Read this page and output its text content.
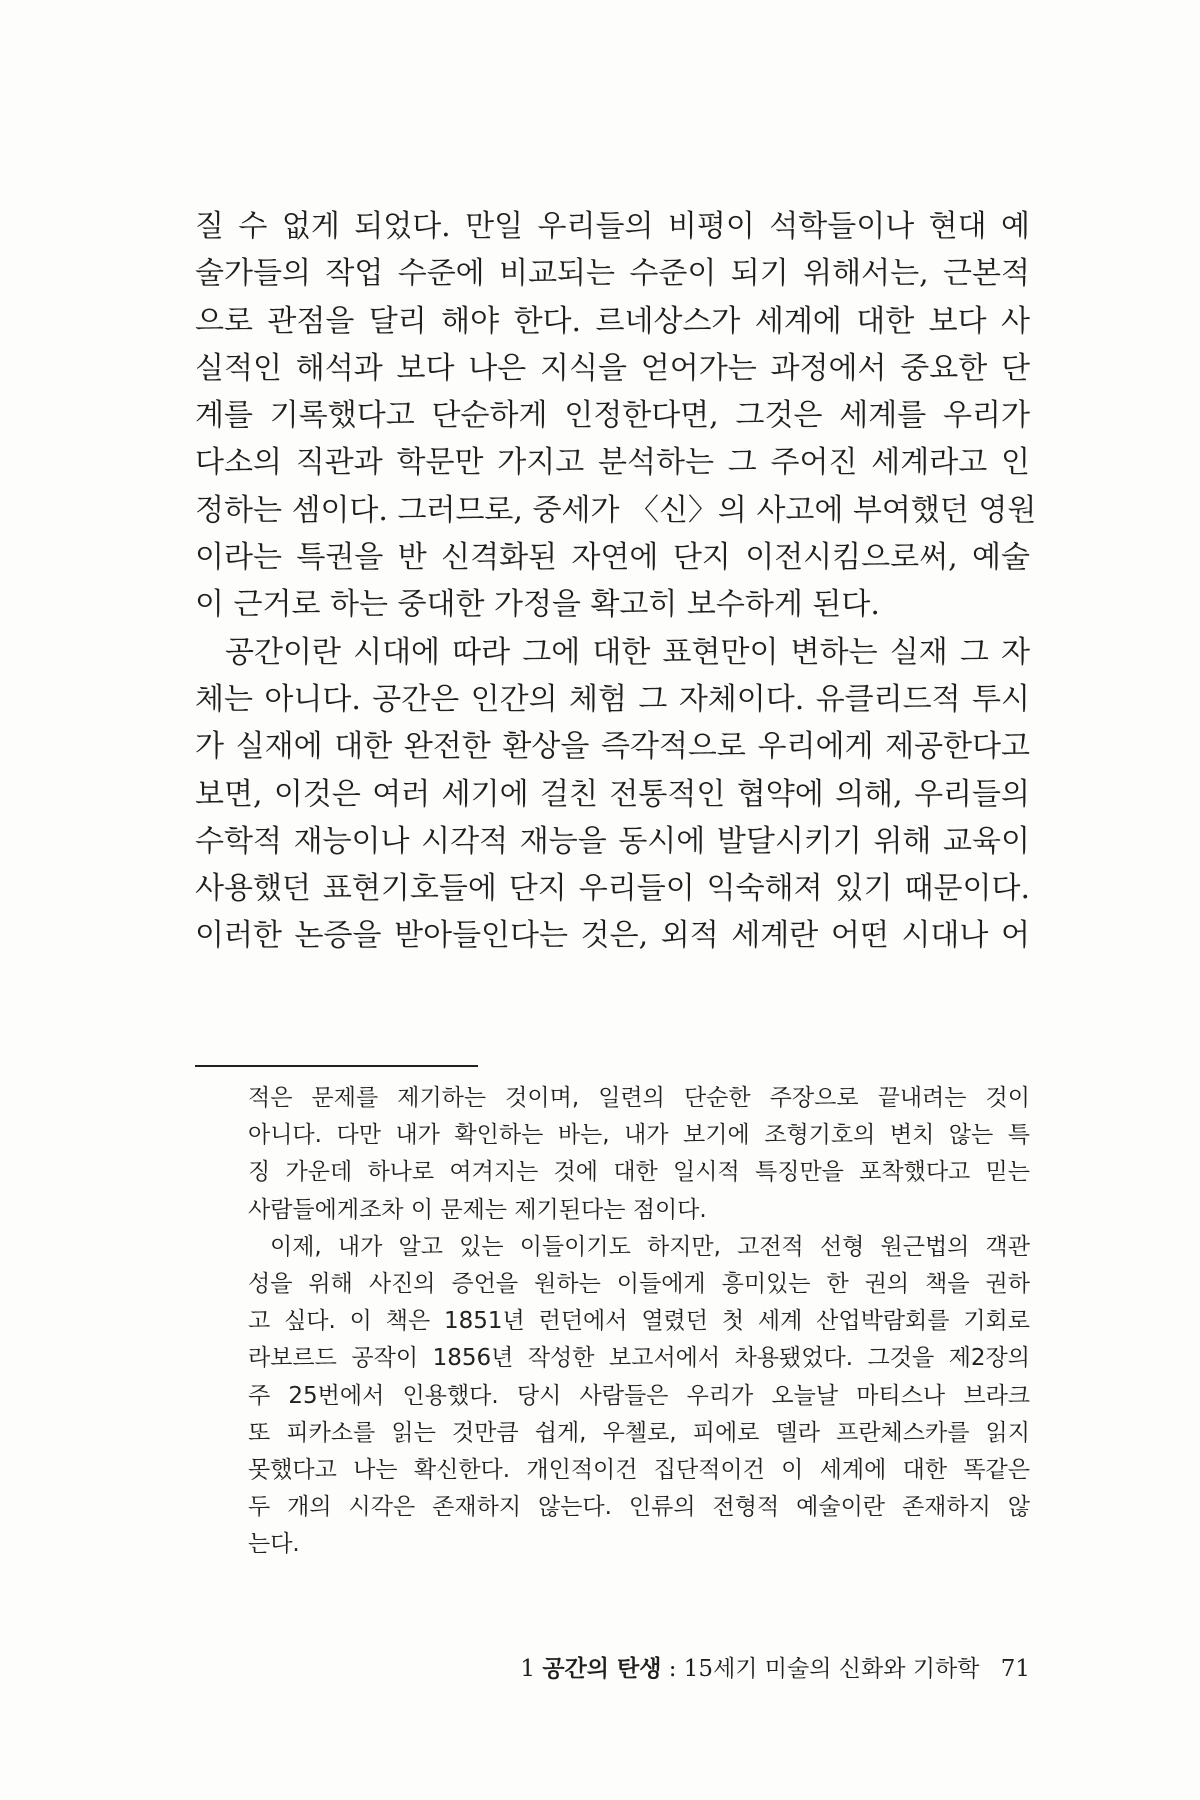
질 수 없게 되었다. 만일 우리들의 비평이 석학들이나 현대 예
술가들의 작업 수준에 비교되는 수준이 되기 위해서는, 근본적
으로 관점을 달리 해야 한다. 르네상스가 세계에 대한 보다 사
실적인 해석과 보다 나은 지식을 얻어가는 과정에서 중요한 단
계를 기록했다고 단순하게 인정한다면, 그것은 세계를 우리가
다소의 직관과 학문만 가지고 분석하는 그 주어진 세계라고 인
정하는 셈이다. 그러므로, 중세가 〈신〉의 사고에 부여했던 영원
이라는 특권을 반 신격화된 자연에 단지 이전시킴으로써, 예술
이 근거로 하는 중대한 가정을 확고히 보수하게 된다.
공간이란 시대에 따라 그에 대한 표현만이 변하는 실재 그 자
체는 아니다. 공간은 인간의 체험 그 자체이다. 유클리드적 투시
가 실재에 대한 완전한 환상을 즉각적으로 우리에게 제공한다고
보면, 이것은 여러 세기에 걸친 전통적인 협약에 의해, 우리들의
수학적 재능이나 시각적 재능을 동시에 발달시키기 위해 교육이
사용했던 표현기호들에 단지 우리들이 익숙해져 있기 때문이다.
이러한 논증을 받아들인다는 것은, 외적 세계란 어떤 시대나 어
적은 문제를 제기하는 것이며, 일련의 단순한 주장으로 끝내려는 것이
아니다. 다만 내가 확인하는 바는, 내가 보기에 조형기호의 변치 않는 특
징 가운데 하나로 여겨지는 것에 대한 일시적 특징만을 포착했다고 믿는
사람들에게조차 이 문제는 제기된다는 점이다.
이제, 내가 알고 있는 이들이기도 하지만, 고전적 선형 원근법의 객관
성을 위해 사진의 증언을 원하는 이들에게 흥미있는 한 권의 책을 권하
고 싶다. 이 책은 1851년 런던에서 열렸던 첫 세계 산업박람회를 기회로
라보르드 공작이 1856년 작성한 보고서에서 차용됐었다. 그것을 제2장의
주 25번에서 인용했다. 당시 사람들은 우리가 오늘날 마티스나 브라크
또 피카소를 읽는 것만큼 쉽게, 우첼로, 피에로 델라 프란체스카를 읽지
못했다고 나는 확신한다. 개인적이건 집단적이건 이 세계에 대한 똑같은
두 개의 시각은 존재하지 않는다. 인류의 전형적 예술이란 존재하지 않
는다.
1 공간의 탄생 : 15세기 미술의 신화와 기하학 71
